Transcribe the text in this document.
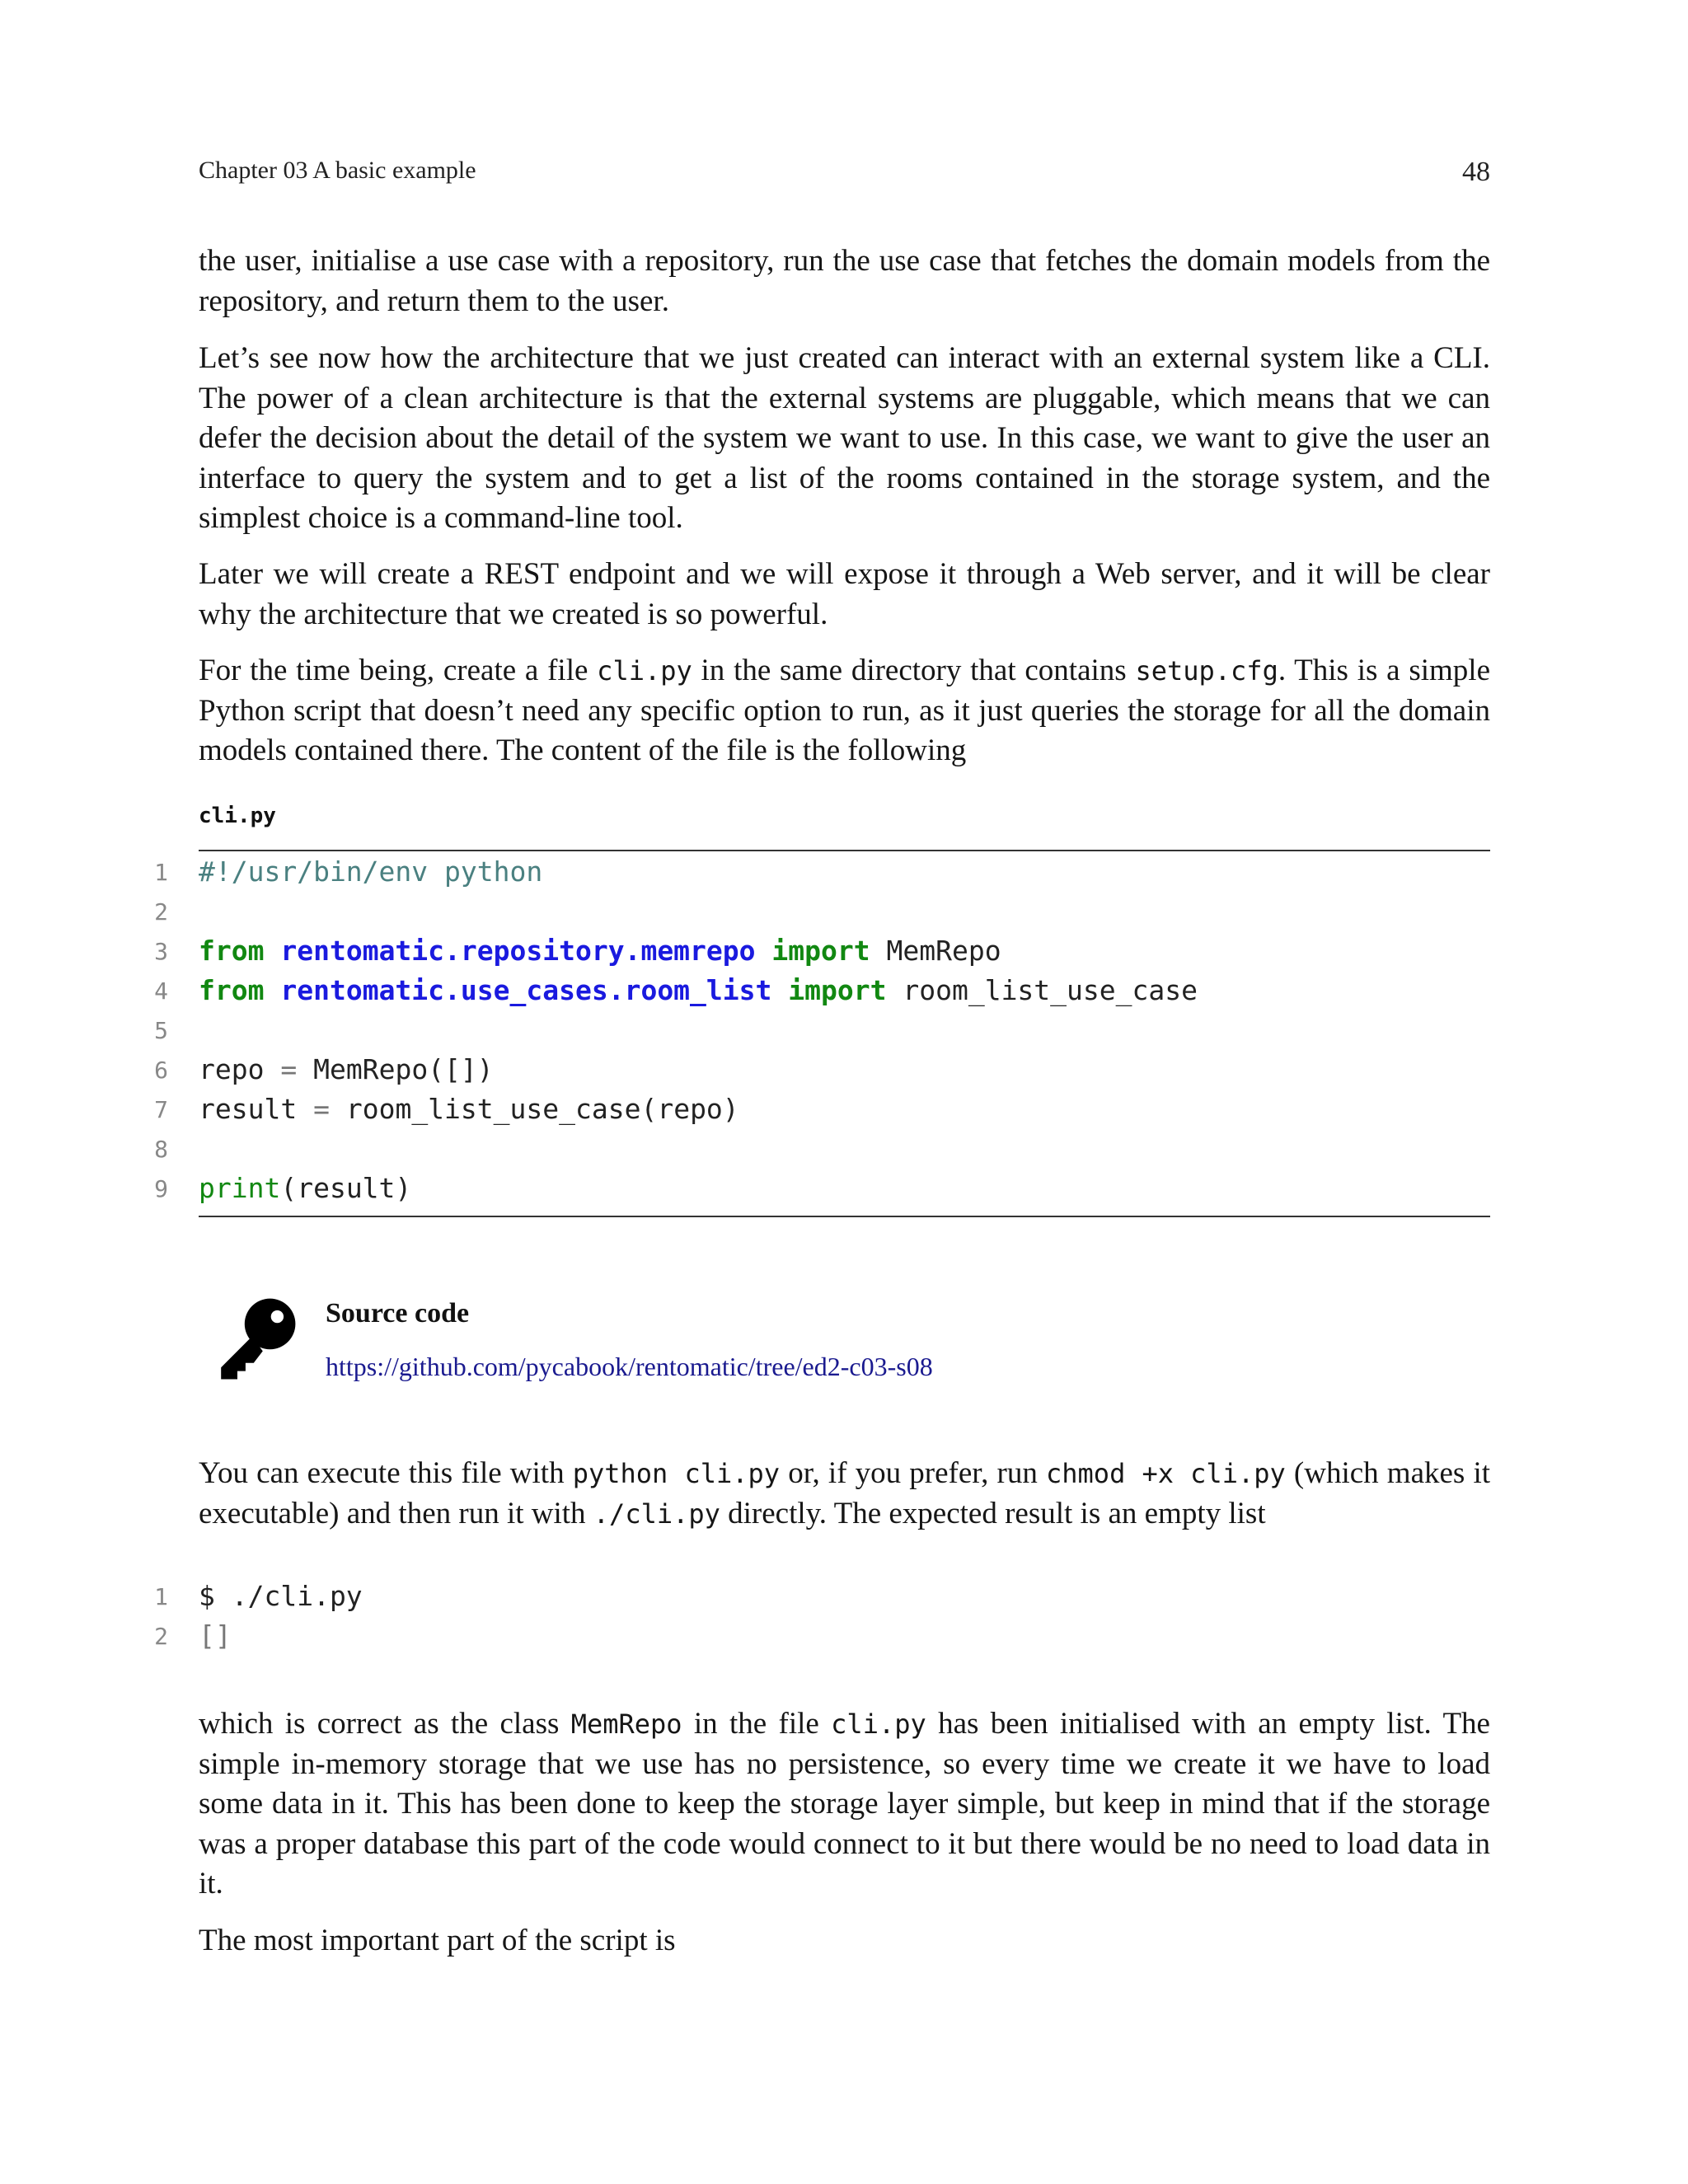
Chapter 03 A basic example	48

the user, initialise a use case with a repository, run the use case that fetches the domain models from the repository, and return them to the user.

Let’s see now how the architecture that we just created can interact with an external system like a CLI. The power of a clean architecture is that the external systems are pluggable, which means that we can defer the decision about the detail of the system we want to use. In this case, we want to give the user an interface to query the system and to get a list of the rooms contained in the storage system, and the simplest choice is a command-line tool.

Later we will create a REST endpoint and we will expose it through a Web server, and it will be clear why the architecture that we created is so powerful.

For the time being, create a file cli.py in the same directory that contains setup.cfg. This is a simple Python script that doesn’t need any specific option to run, as it just queries the storage for all the domain models contained there. The content of the file is the following

cli.py

1

#!/usr/bin/env python

2

3

from rentomatic.repository.memrepo import MemRepo

4

from rentomatic.use_cases.room_list import room_list_use_case

5

6

repo = MemRepo([])

7

result = room_list_use_case(repo)

8

9

print(result)

Source code
https://github.com/pycabook/rentomatic/tree/ed2-c03-s08

You can execute this file with python cli.py or, if you prefer, run chmod +x cli.py (which makes it executable) and then run it with ./cli.py directly. The expected result is an empty list

1

$ ./cli.py

2

[]

which is correct as the class MemRepo in the file cli.py has been initialised with an empty list. The simple in-memory storage that we use has no persistence, so every time we create it we have to load some data in it. This has been done to keep the storage layer simple, but keep in mind that if the storage was a proper database this part of the code would connect to it but there would be no need to load data in it.

The most important part of the script is
